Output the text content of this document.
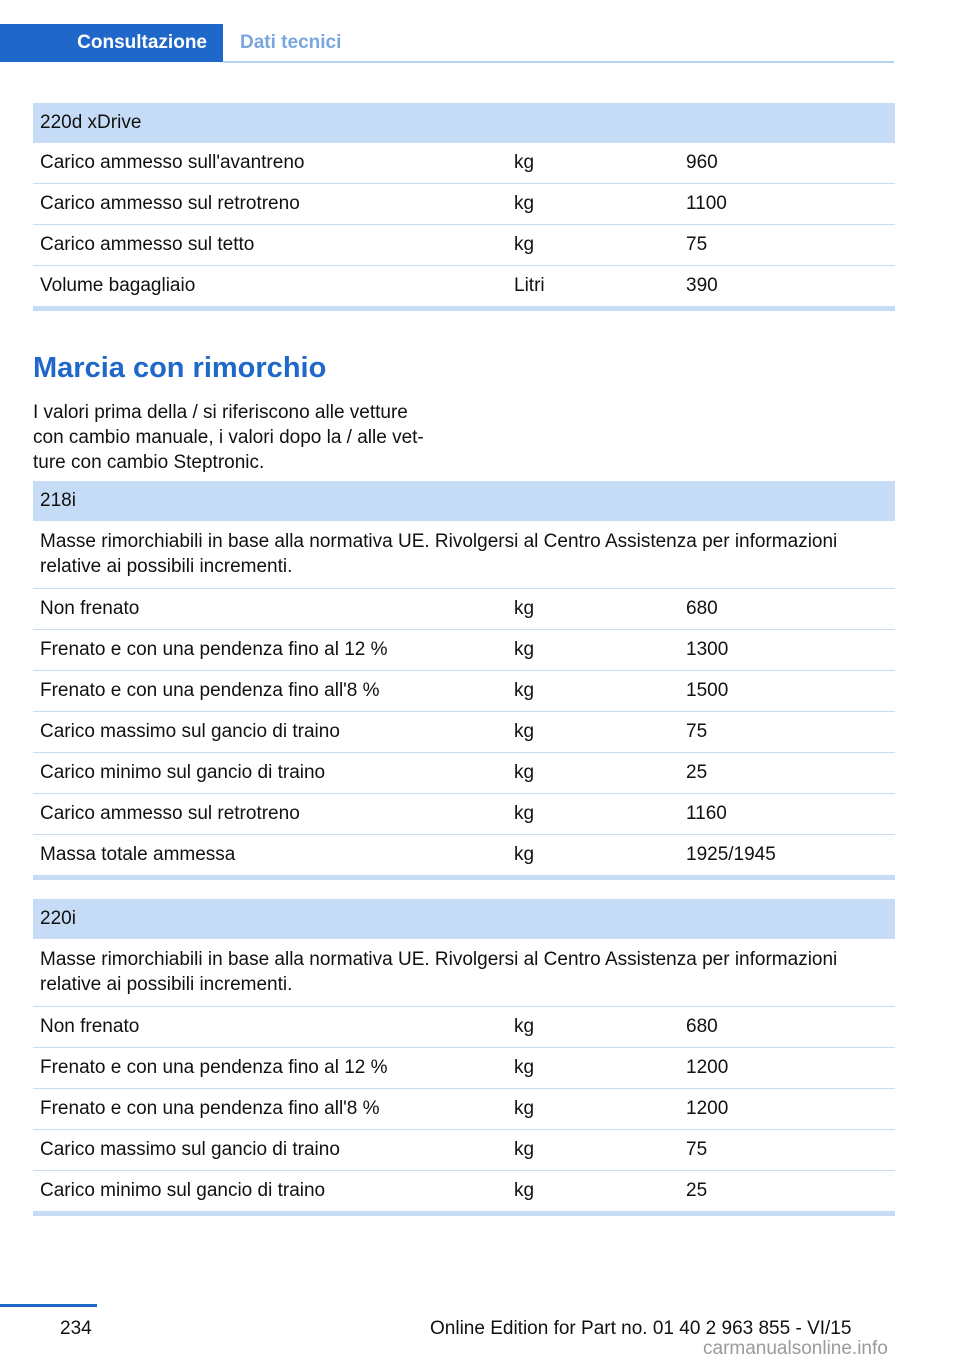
Consultazione	Dati tecnici
220d xDrive
Carico ammesso sull'avantreno	kg	960
Carico ammesso sul retrotreno	kg	1100
Carico ammesso sul tetto	kg	75
Volume bagagliaio	Litri	390
Marcia con rimorchio

I valori prima della / si riferiscono alle vetture con cambio manuale, i valori dopo la / alle vet‐ture con cambio Steptronic.

218i
Masse rimorchiabili in base alla normativa UE. Rivolgersi al Centro Assistenza per informazioni relative ai possibili incrementi.
Non frenato	kg	680
Frenato e con una pendenza fino al 12 %	kg	1300
Frenato e con una pendenza fino all'8 %	kg	1500
Carico massimo sul gancio di traino	kg	75
Carico minimo sul gancio di traino	kg	25
Carico ammesso sul retrotreno	kg	1160
Massa totale ammessa	kg	1925/1945
220i
Masse rimorchiabili in base alla normativa UE. Rivolgersi al Centro Assistenza per informazioni relative ai possibili incrementi.
Non frenato	kg	680
Frenato e con una pendenza fino al 12 %	kg	1200
Frenato e con una pendenza fino all'8 %	kg	1200
Carico massimo sul gancio di traino	kg	75
Carico minimo sul gancio di traino	kg	25
234	Online Edition for Part no. 01 40 2 963 855 - VI/15
carmanualsonline.info
